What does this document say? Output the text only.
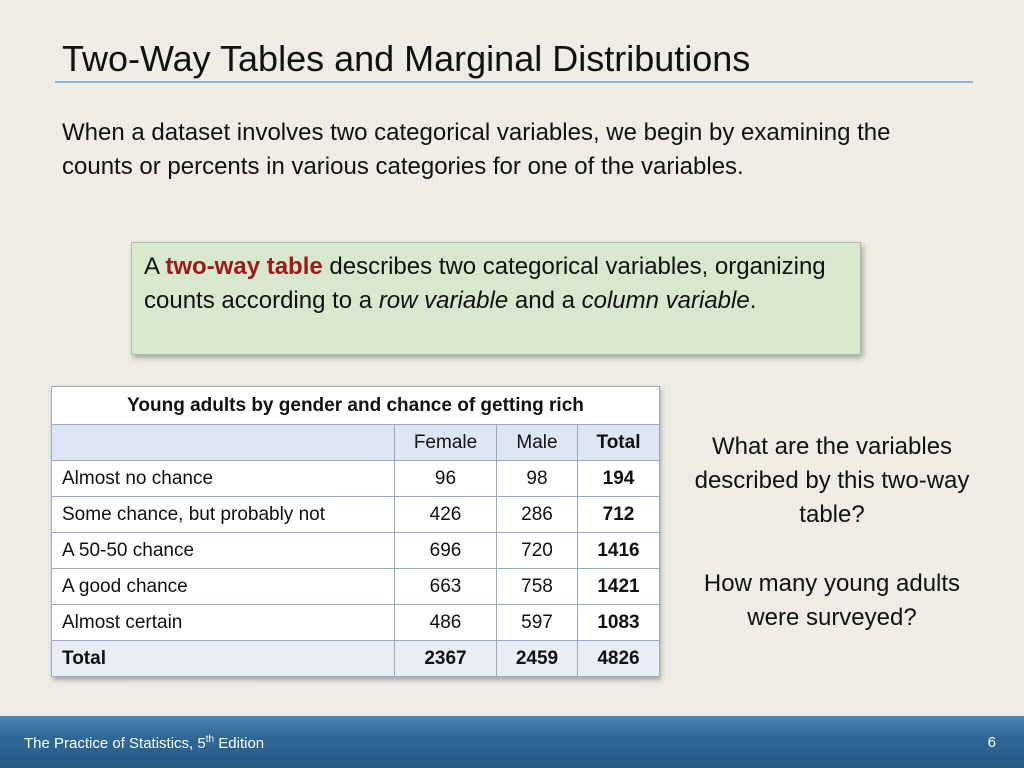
Two-Way Tables and Marginal Distributions
When a dataset involves two categorical variables, we begin by examining the counts or percents in various categories for one of the variables.
A two-way table describes two categorical variables, organizing counts according to a row variable and a column variable.
Young adults by gender and chance of getting rich			
	Female	Male	Total
Almost no chance	96	98	194
Some chance, but probably not	426	286	712
A 50-50 chance	696	720	1416
A good chance	663	758	1421
Almost certain	486	597	1083
Total	2367	2459	4826
What are the variables described by this two-way table?
How many young adults were surveyed?
The Practice of Statistics, 5th Edition	6
